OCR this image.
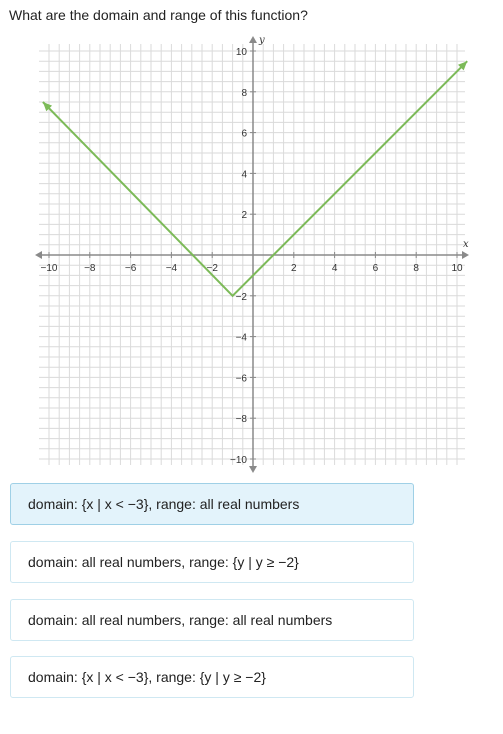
What are the domain and range of this function?
−10	−8	−6	−4	−2	2	4	6	8	10
−10
−8
−6
−4
−2
2
4
6
8
10
x
y
domain: {x | x < −3}, range: all real numbers
domain: all real numbers, range: {y | y ≥ −2}
domain: all real numbers, range: all real numbers
domain: {x | x < −3}, range: {y | y ≥ −2}
